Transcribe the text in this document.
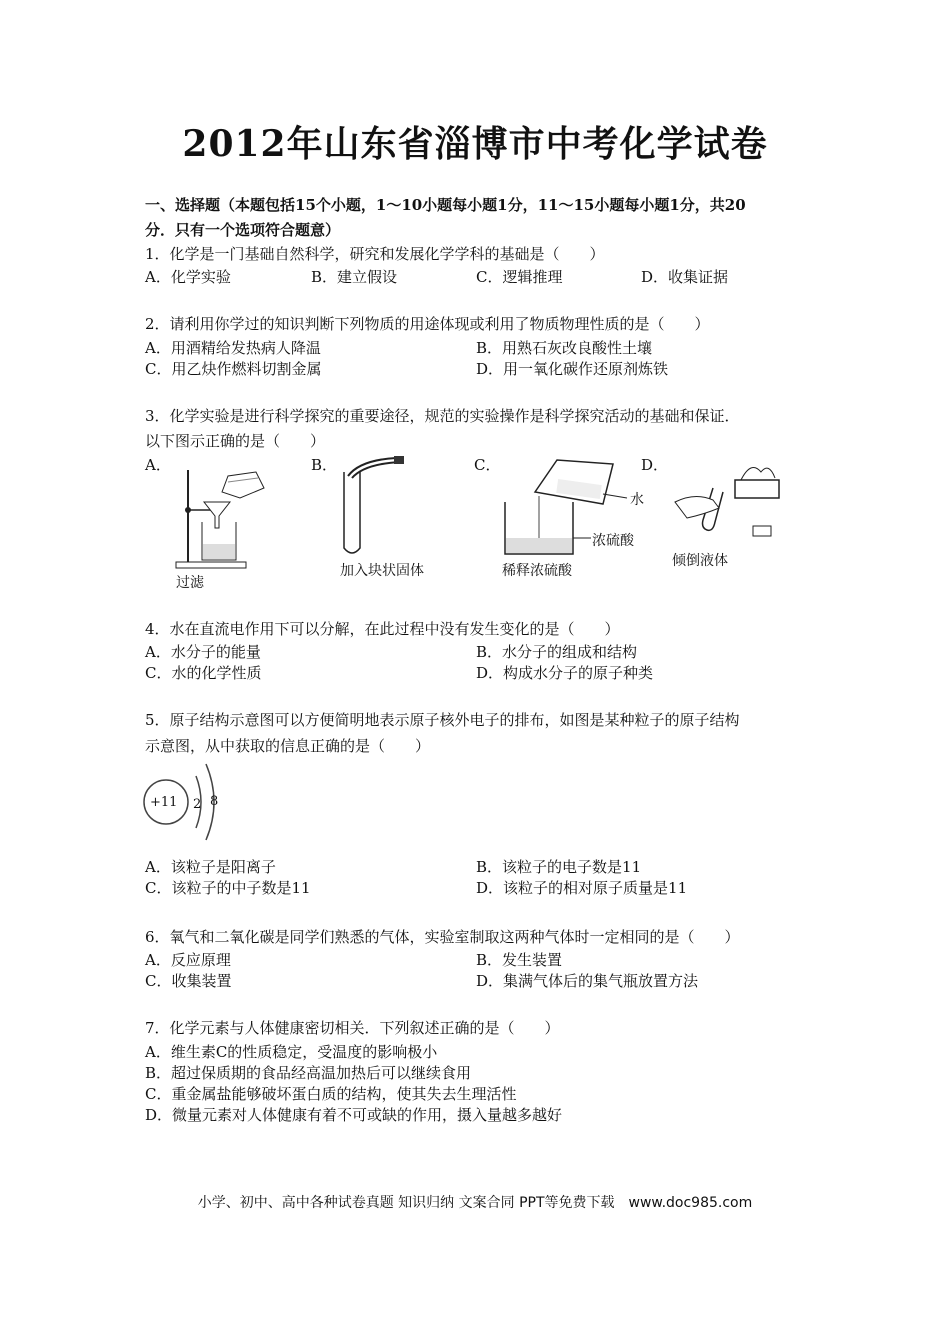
2012年山东省淄博市中考化学试卷
一、选择题（本题包括15个小题，1～10小题每小题1分，11～15小题每小题1分，共20
分．只有一个选项符合题意）
1．化学是一门基础自然科学，研究和发展化学学科的基础是（　　）
A．化学实验	B．建立假设	C．逻辑推理	D．收集证据
2．请利用你学过的知识判断下列物质的用途体现或利用了物质物理性质的是（　　）
A．用酒精给发热病人降温	B．用熟石灰改良酸性土壤
C．用乙炔作燃料切割金属	D．用一氧化碳作还原剂炼铁
3．化学实验是进行科学探究的重要途径，规范的实验操作是科学探究活动的基础和保证．
以下图示正确的是（　　）
A．	B．	C．	D．
过滤
加入块状固体
水
浓硫酸
稀释浓硫酸
倾倒液体
4．水在直流电作用下可以分解，在此过程中没有发生变化的是（　　）
A．水分子的能量	B．水分子的组成和结构
C．水的化学性质	D．构成水分子的原子种类
5．原子结构示意图可以方便简明地表示原子核外电子的排布，如图是某种粒子的原子结构
示意图，从中获取的信息正确的是（　　）
+11 2 8
A．该粒子是阳离子	B．该粒子的电子数是11
C．该粒子的中子数是11	D．该粒子的相对原子质量是11
6．氧气和二氧化碳是同学们熟悉的气体，实验室制取这两种气体时一定相同的是（　　）
A．反应原理	B．发生装置
C．收集装置	D．集满气体后的集气瓶放置方法
7．化学元素与人体健康密切相关．下列叙述正确的是（　　）
A．维生素C的性质稳定，受温度的影响极小
B．超过保质期的食品经高温加热后可以继续食用
C．重金属盐能够破坏蛋白质的结构，使其失去生理活性
D．微量元素对人体健康有着不可或缺的作用，摄入量越多越好
小学、初中、高中各种试卷真题 知识归纳 文案合同 PPT等免费下载　www.doc985.com
